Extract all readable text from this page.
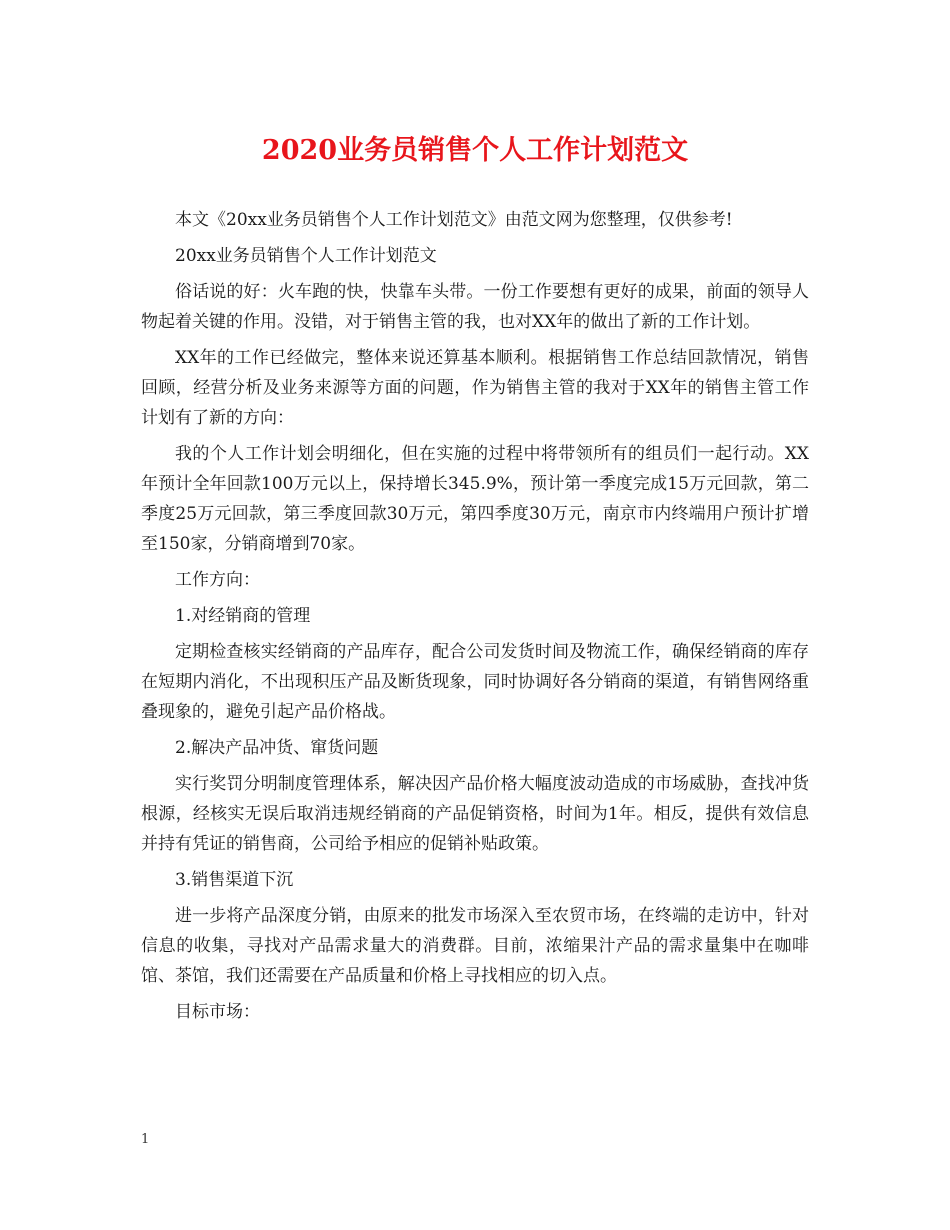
2020业务员销售个人工作计划范文

本文《20xx业务员销售个人工作计划范文》由范文网为您整理，仅供参考!

20xx业务员销售个人工作计划范文

俗话说的好：火车跑的快，快靠车头带。一份工作要想有更好的成果，前面的领导人物起着关键的作用。没错，对于销售主管的我，也对XX年的做出了新的工作计划。

XX年的工作已经做完，整体来说还算基本顺利。根据销售工作总结回款情况，销售回顾，经营分析及业务来源等方面的问题，作为销售主管的我对于XX年的销售主管工作计划有了新的方向：

我的个人工作计划会明细化，但在实施的过程中将带领所有的组员们一起行动。XX年预计全年回款100万元以上，保持增长345.9%，预计第一季度完成15万元回款，第二季度25万元回款，第三季度回款30万元，第四季度30万元，南京市内终端用户预计扩增至150家，分销商增到70家。

工作方向：

1.对经销商的管理

定期检查核实经销商的产品库存，配合公司发货时间及物流工作，确保经销商的库存在短期内消化，不出现积压产品及断货现象，同时协调好各分销商的渠道，有销售网络重叠现象的，避免引起产品价格战。

2.解决产品冲货、窜货问题

实行奖罚分明制度管理体系，解决因产品价格大幅度波动造成的市场威胁，查找冲货根源，经核实无误后取消违规经销商的产品促销资格，时间为1年。相反，提供有效信息并持有凭证的销售商，公司给予相应的促销补贴政策。

3.销售渠道下沉

进一步将产品深度分销，由原来的批发市场深入至农贸市场，在终端的走访中，针对信息的收集，寻找对产品需求量大的消费群。目前，浓缩果汁产品的需求量集中在咖啡馆、茶馆，我们还需要在产品质量和价格上寻找相应的切入点。

目标市场：

1
